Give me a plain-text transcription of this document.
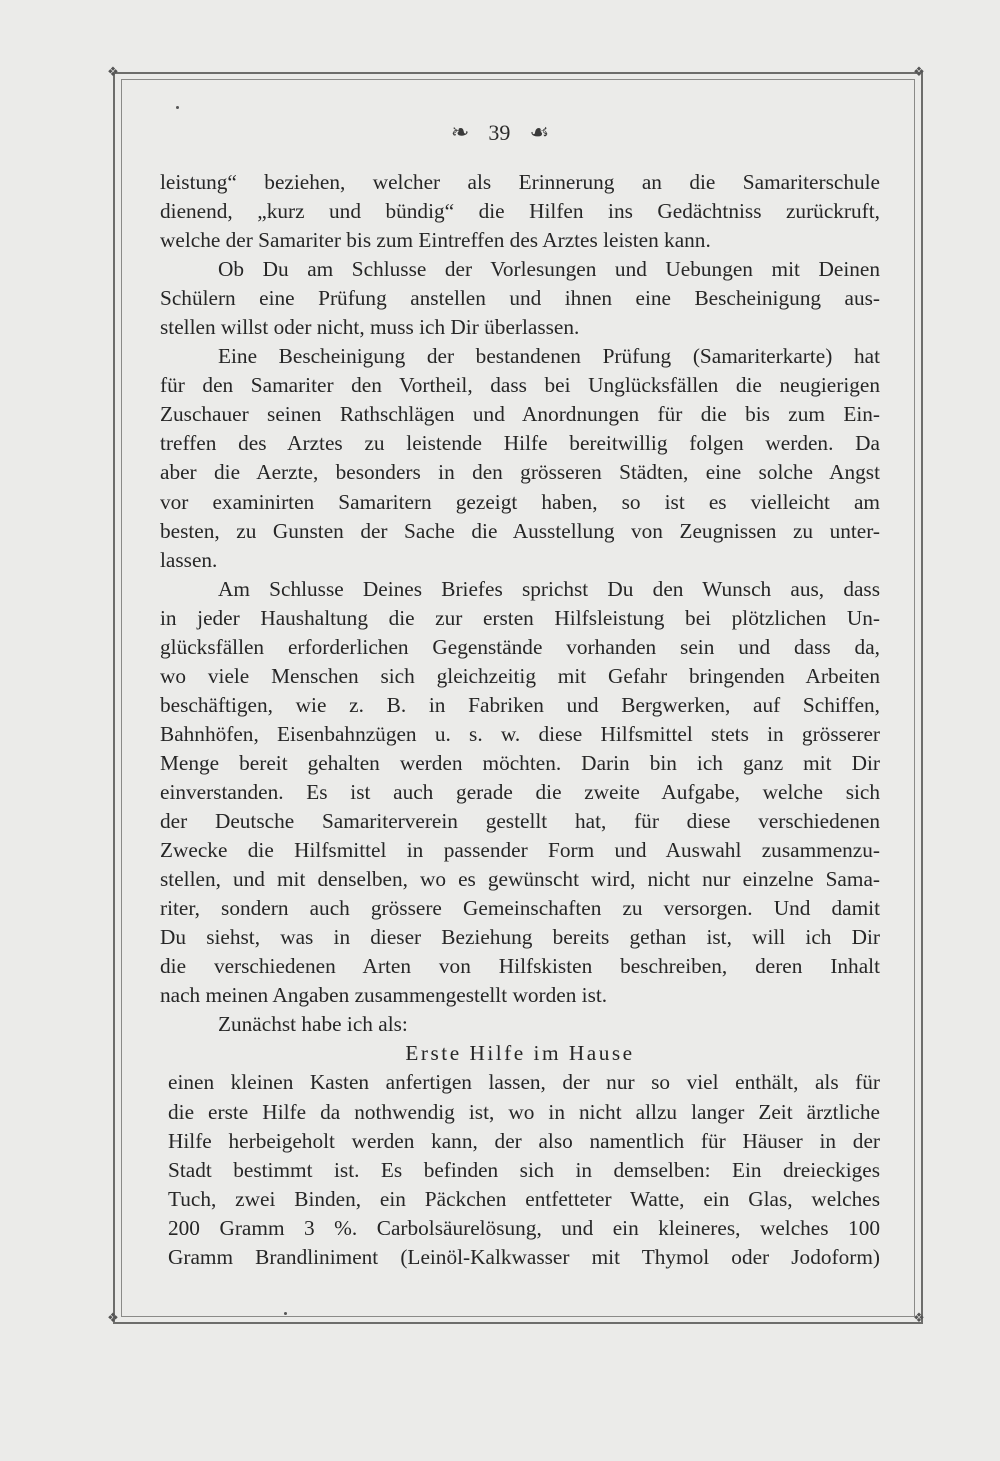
❖	❖
❖	❖
❧ 39 ☙
leistung“ beziehen, welcher als Erinnerung an die Samariterschule
dienend, „kurz und bündig“ die Hilfen ins Gedächtniss zurückruft,
welche der Samariter bis zum Eintreffen des Arztes leisten kann.
Ob Du am Schlusse der Vorlesungen und Uebungen mit Deinen
Schülern eine Prüfung anstellen und ihnen eine Bescheinigung aus-
stellen willst oder nicht, muss ich Dir überlassen.
Eine Bescheinigung der bestandenen Prüfung (Samariterkarte) hat
für den Samariter den Vortheil, dass bei Unglücksfällen die neugierigen
Zuschauer seinen Rathschlägen und Anordnungen für die bis zum Ein-
treffen des Arztes zu leistende Hilfe bereitwillig folgen werden. Da
aber die Aerzte, besonders in den grösseren Städten, eine solche Angst
vor examinirten Samaritern gezeigt haben, so ist es vielleicht am
besten, zu Gunsten der Sache die Ausstellung von Zeugnissen zu unter-
lassen.
Am Schlusse Deines Briefes sprichst Du den Wunsch aus, dass
in jeder Haushaltung die zur ersten Hilfsleistung bei plötzlichen Un-
glücksfällen erforderlichen Gegenstände vorhanden sein und dass da,
wo viele Menschen sich gleichzeitig mit Gefahr bringenden Arbeiten
beschäftigen, wie z. B. in Fabriken und Bergwerken, auf Schiffen,
Bahnhöfen, Eisenbahnzügen u. s. w. diese Hilfsmittel stets in grösserer
Menge bereit gehalten werden möchten. Darin bin ich ganz mit Dir
einverstanden. Es ist auch gerade die zweite Aufgabe, welche sich
der Deutsche Samariterverein gestellt hat, für diese verschiedenen
Zwecke die Hilfsmittel in passender Form und Auswahl zusammenzu-
stellen, und mit denselben, wo es gewünscht wird, nicht nur einzelne Sama-
riter, sondern auch grössere Gemeinschaften zu versorgen. Und damit
Du siehst, was in dieser Beziehung bereits gethan ist, will ich Dir
die verschiedenen Arten von Hilfskisten beschreiben, deren Inhalt
nach meinen Angaben zusammengestellt worden ist.
Zunächst habe ich als:
Erste Hilfe im Hause
einen kleinen Kasten anfertigen lassen, der nur so viel enthält, als für
die erste Hilfe da nothwendig ist, wo in nicht allzu langer Zeit ärztliche
Hilfe herbeigeholt werden kann, der also namentlich für Häuser in der
Stadt bestimmt ist. Es befinden sich in demselben: Ein dreieckiges
Tuch, zwei Binden, ein Päckchen entfetteter Watte, ein Glas, welches
200 Gramm 3 %. Carbolsäurelösung, und ein kleineres, welches 100
Gramm Brandliniment (Leinöl-Kalkwasser mit Thymol oder Jodoform)
